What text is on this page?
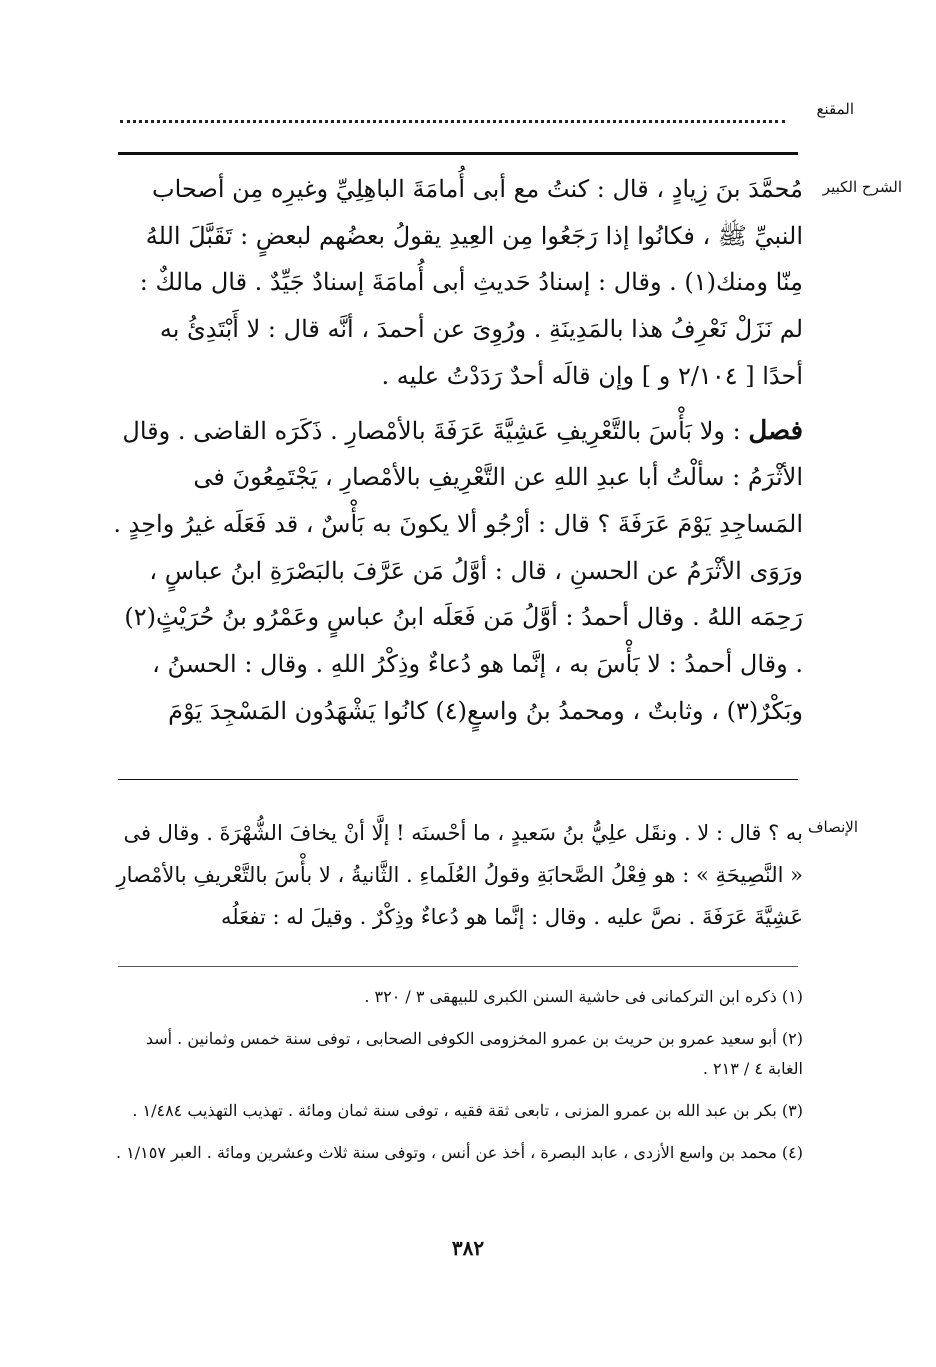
المقنع
الشرح الكبير

مُحمَّدَ بنَ زِيادٍ ، قال : كنتُ مع أبى أُمامَةَ الباهِلِيِّ وغيرِه مِن أصحاب النبيِّ ﷺ ، فكانُوا إذا رَجَعُوا مِن العِيدِ يقولُ بعضُهم لبعضٍ : تَقَبَّلَ اللهُ مِنّا ومنك(١) . وقال : إسنادُ حَديثِ أبى أُمامَةَ إسنادٌ جَيِّدٌ . قال مالكٌ : لم نَزَلْ نَعْرِفُ هذا بالمَدِينَةِ . ورُوِىَ عن أحمدَ ، أنَّه قال : لا أَبْتَدِئُ به أحدًا [ ٢/١٠٤ و ] وإن قالَه أحدٌ رَدَدْتُ عليه .

فصل : ولا بَأْسَ بالتَّعْرِيفِ عَشِيَّةَ عَرَفَةَ بالأمْصارِ . ذَكَرَه القاضى . وقال الأثْرَمُ : سألْتُ أبا عبدِ اللهِ عن التَّعْرِيفِ بالأمْصارِ ، يَجْتَمِعُونَ فى المَساجِدِ يَوْمَ عَرَفَةَ ؟ قال : أرْجُو ألا يكونَ به بَأْسٌ ، قد فَعَلَه غيرُ واحِدٍ . ورَوَى الأثْرَمُ عن الحسنِ ، قال : أوَّلُ مَن عَرَّفَ بالبَصْرَةِ ابنُ عباسٍ ، رَحِمَه اللهُ . وقال أحمدُ : أوَّلُ مَن فَعَلَه ابنُ عباسٍ وعَمْرُو بنُ حُرَيْثٍ(٢) . وقال أحمدُ : لا بَأْسَ به ، إنَّما هو دُعاءٌ وذِكْرُ اللهِ . وقال : الحسنُ ، وبَكْرٌ(٣) ، وثابتٌ ، ومحمدُ بنُ واسعٍ(٤) كانُوا يَشْهَدُون المَسْجِدَ يَوْمَ

الإنصاف

به ؟ قال : لا . ونقَل علِيُّ بنُ سَعيدٍ ، ما أحْسنَه ! إلَّا أنْ يخافَ الشُّهْرَةَ . وقال فى « النَّصِيحَةِ » : هو فِعْلُ الصَّحابَةِ وقولُ العُلَماءِ . الثَّانيةُ ، لا بأْسَ بالتَّعْريفِ بالأمْصارِ عَشِيَّةَ عَرَفَةَ . نصَّ عليه . وقال : إنَّما هو دُعاءٌ وذِكْرٌ . وقيلَ له : تفعَلُه

(١) ذكره ابن التركمانى فى حاشية السنن الكبرى للبيهقى ٣ / ٣٢٠ .

(٢) أبو سعيد عمرو بن حريث بن عمرو المخزومى الكوفى الصحابى ، توفى سنة خمس وثمانين . أسد الغابة ٤ / ٢١٣ .

(٣) بكر بن عبد الله بن عمرو المزنى ، تابعى ثقة فقيه ، توفى سنة ثمان ومائة . تهذيب التهذيب ١/٤٨٤ .

(٤) محمد بن واسع الأزدى ، عابد البصرة ، أخذ عن أنس ، وتوفى سنة ثلاث وعشرين ومائة . العبر ١/١٥٧ .

٣٨٢
